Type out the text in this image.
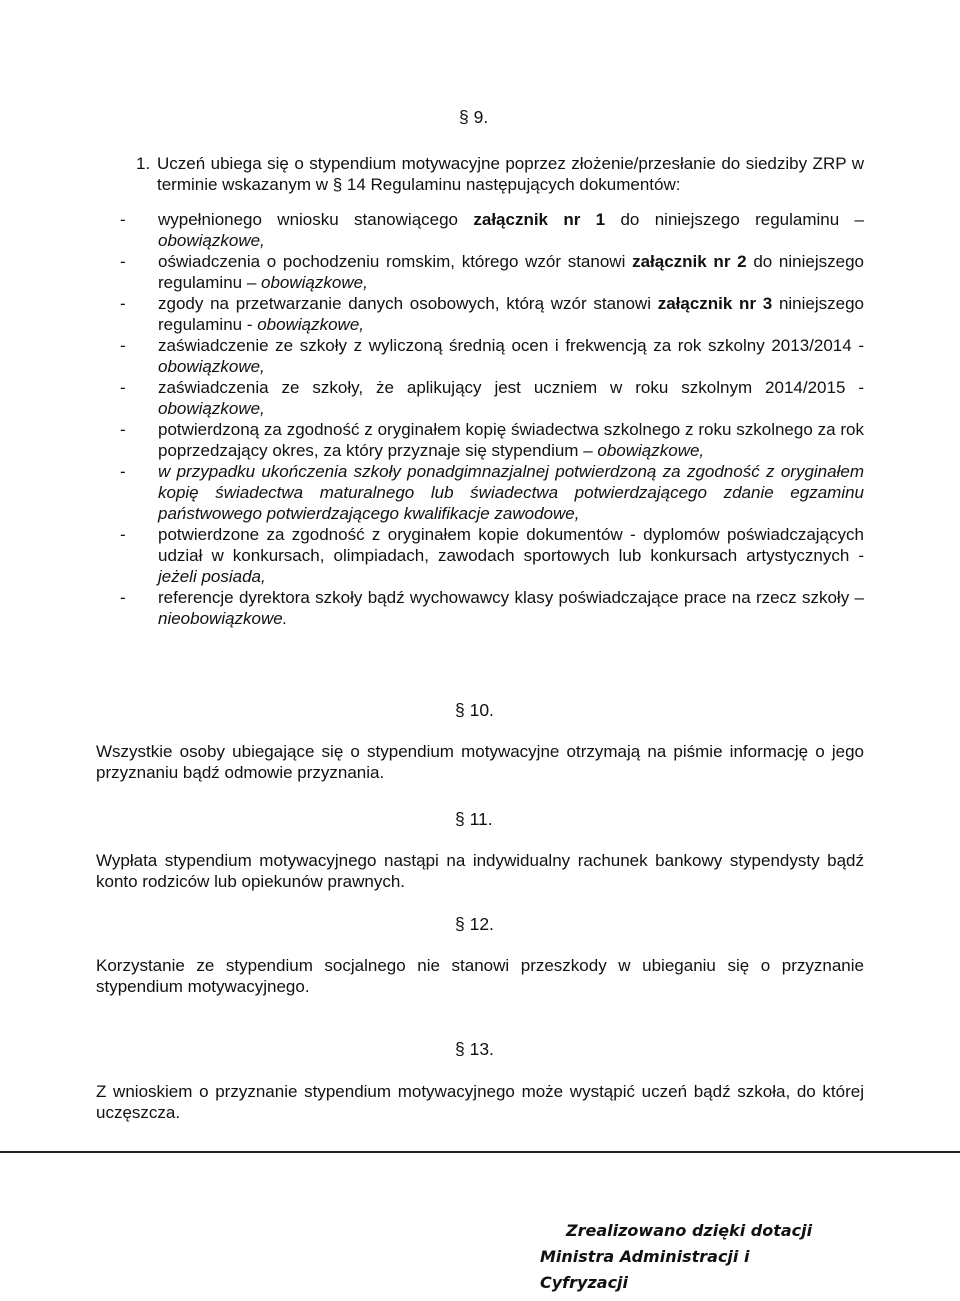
§ 9.
1. Uczeń ubiega się o stypendium motywacyjne poprzez złożenie/przesłanie do siedziby ZRP w terminie wskazanym w § 14 Regulaminu następujących dokumentów:
- wypełnionego wniosku stanowiącego załącznik nr 1 do niniejszego regulaminu – obowiązkowe,
- oświadczenia o pochodzeniu romskim, którego wzór stanowi załącznik nr 2 do niniejszego regulaminu – obowiązkowe,
- zgody na przetwarzanie danych osobowych, którą wzór stanowi załącznik nr 3 niniejszego regulaminu - obowiązkowe,
- zaświadczenie ze szkoły z wyliczoną średnią ocen i frekwencją za rok szkolny 2013/2014 - obowiązkowe,
- zaświadczenia ze szkoły, że aplikujący jest uczniem w roku szkolnym 2014/2015 - obowiązkowe,
- potwierdzoną za zgodność z oryginałem kopię świadectwa szkolnego z roku szkolnego za rok poprzedzający okres, za który przyznaje się stypendium – obowiązkowe,
- w przypadku ukończenia szkoły ponadgimnazjalnej potwierdzoną za zgodność z oryginałem kopię świadectwa maturalnego lub świadectwa potwierdzającego zdanie egzaminu państwowego potwierdzającego kwalifikacje zawodowe,
- potwierdzone za zgodność z oryginałem kopie dokumentów - dyplomów poświadczających udział w konkursach, olimpiadach, zawodach sportowych lub konkursach artystycznych - jeżeli posiada,
- referencje dyrektora szkoły bądź wychowawcy klasy poświadczające prace na rzecz szkoły – nieobowiązkowe.
§ 10.
Wszystkie osoby ubiegające się o stypendium motywacyjne otrzymają na piśmie informację o jego przyznaniu bądź odmowie przyznania.
§ 11.
Wypłata stypendium motywacyjnego nastąpi na indywidualny rachunek bankowy stypendysty bądź konto rodziców lub opiekunów prawnych.
§ 12.
Korzystanie ze stypendium socjalnego nie stanowi przeszkody w ubieganiu się o przyznanie stypendium motywacyjnego.
§ 13.
Z wnioskiem o przyznanie stypendium motywacyjnego może wystąpić uczeń bądź szkoła, do której uczęszcza.
Zrealizowano dzięki dotacji
Ministra Administracji i Cyfryzacji
